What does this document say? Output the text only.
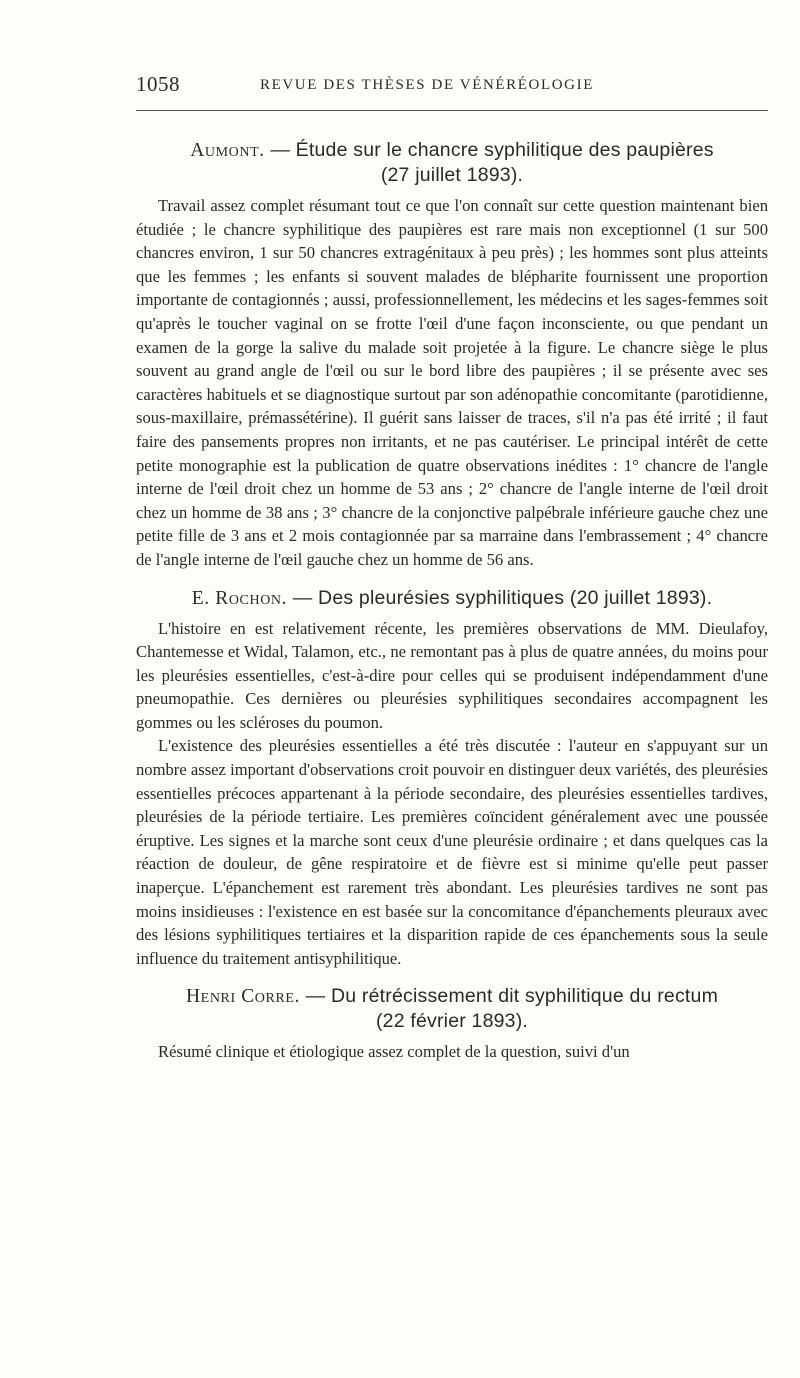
1058	REVUE DES THÈSES DE VÉNÉRÉOLOGIE
Aumont. — Étude sur le chancre syphilitique des paupières
(27 juillet 1893).

Travail assez complet résumant tout ce que l'on connaît sur cette question maintenant bien étudiée ; le chancre syphilitique des paupières est rare mais non exceptionnel (1 sur 500 chancres environ, 1 sur 50 chancres extragénitaux à peu près) ; les hommes sont plus atteints que les femmes ; les enfants si souvent malades de blépharite fournissent une proportion importante de contagionnés ; aussi, professionnellement, les médecins et les sages-femmes soit qu'après le toucher vaginal on se frotte l'œil d'une façon inconsciente, ou que pendant un examen de la gorge la salive du malade soit projetée à la figure. Le chancre siège le plus souvent au grand angle de l'œil ou sur le bord libre des paupières ; il se présente avec ses caractères habituels et se diagnostique surtout par son adénopathie concomitante (parotidienne, sous-maxillaire, prémassétérine). Il guérit sans laisser de traces, s'il n'a pas été irrité ; il faut faire des pansements propres non irritants, et ne pas cautériser. Le principal intérêt de cette petite monographie est la publication de quatre observations inédites : 1° chancre de l'angle interne de l'œil droit chez un homme de 53 ans ; 2° chancre de l'angle interne de l'œil droit chez un homme de 38 ans ; 3° chancre de la conjonctive palpébrale inférieure gauche chez une petite fille de 3 ans et 2 mois contagionnée par sa marraine dans l'embrassement ; 4° chancre de l'angle interne de l'œil gauche chez un homme de 56 ans.

E. Rochon. — Des pleurésies syphilitiques (20 juillet 1893).

L'histoire en est relativement récente, les premières observations de MM. Dieulafoy, Chantemesse et Widal, Talamon, etc., ne remontant pas à plus de quatre années, du moins pour les pleurésies essentielles, c'est-à-dire pour celles qui se produisent indépendamment d'une pneumopathie. Ces dernières ou pleurésies syphilitiques secondaires accompagnent les gommes ou les scléroses du poumon.

L'existence des pleurésies essentielles a été très discutée : l'auteur en s'appuyant sur un nombre assez important d'observations croit pouvoir en distinguer deux variétés, des pleurésies essentielles précoces appartenant à la période secondaire, des pleurésies essentielles tardives, pleurésies de la période tertiaire. Les premières coïncident généralement avec une poussée éruptive. Les signes et la marche sont ceux d'une pleurésie ordinaire ; et dans quelques cas la réaction de douleur, de gêne respiratoire et de fièvre est si minime qu'elle peut passer inaperçue. L'épanchement est rarement très abondant. Les pleurésies tardives ne sont pas moins insidieuses : l'existence en est basée sur la concomitance d'épanchements pleuraux avec des lésions syphilitiques tertiaires et la disparition rapide de ces épanchements sous la seule influence du traitement antisyphilitique.

Henri Corre. — Du rétrécissement dit syphilitique du rectum
(22 février 1893).

Résumé clinique et étiologique assez complet de la question, suivi d'un
